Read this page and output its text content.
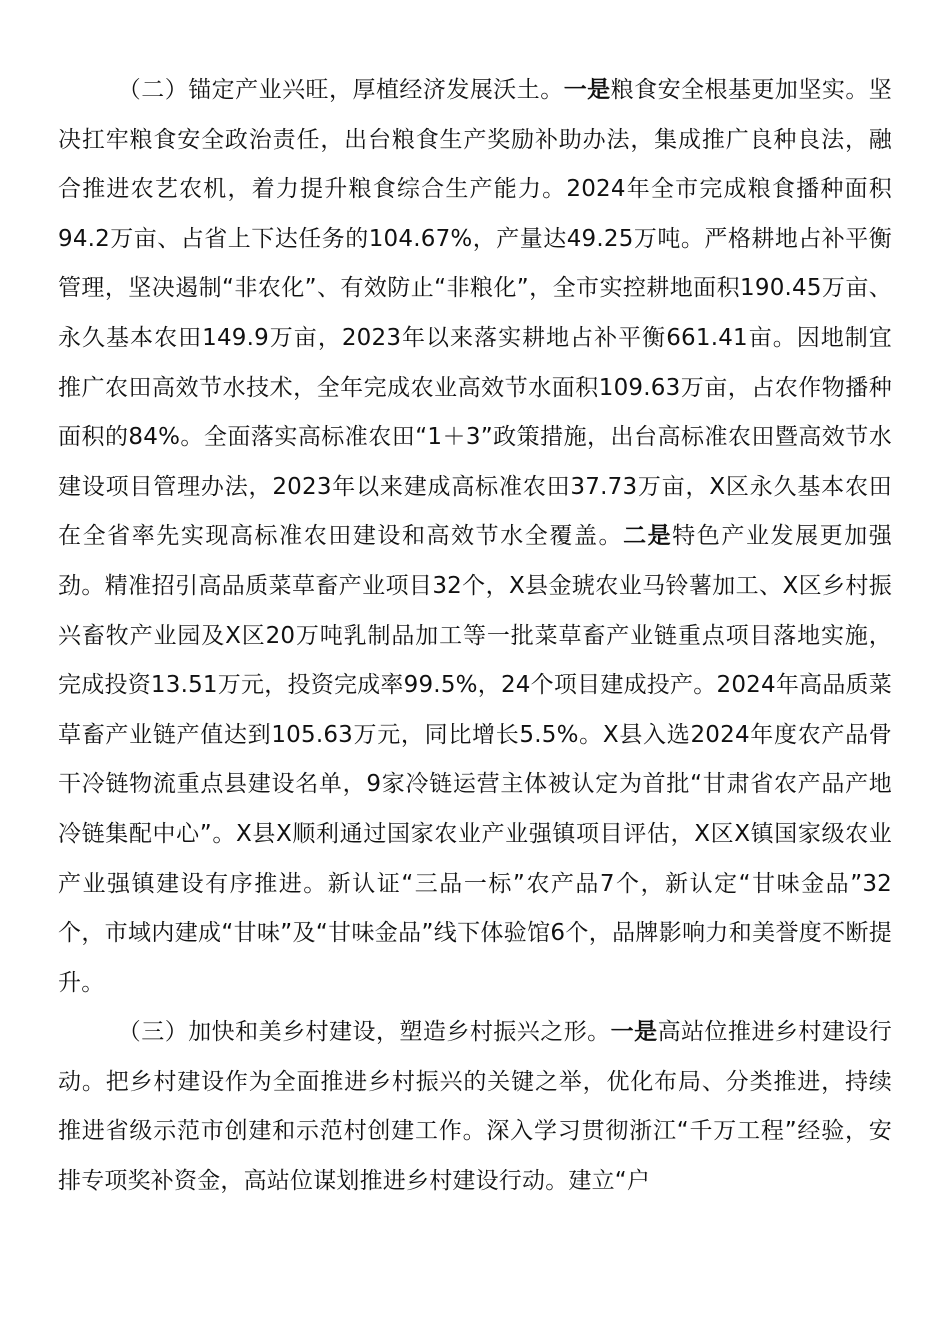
（二）锚定产业兴旺，厚植经济发展沃土。一是粮食安全根基更加坚实。坚决扛牢粮食安全政治责任，出台粮食生产奖励补助办法，集成推广良种良法，融合推进农艺农机，着力提升粮食综合生产能力。2024年全市完成粮食播种面积94.2万亩、占省上下达任务的104.67%，产量达49.25万吨。严格耕地占补平衡管理，坚决遏制“非农化”、有效防止“非粮化”，全市实控耕地面积190.45万亩、永久基本农田149.9万亩，2023年以来落实耕地占补平衡661.41亩。因地制宜推广农田高效节水技术，全年完成农业高效节水面积109.63万亩，占农作物播种面积的84%。全面落实高标准农田“1＋3”政策措施，出台高标准农田暨高效节水建设项目管理办法，2023年以来建成高标准农田37.73万亩，X区永久基本农田在全省率先实现高标准农田建设和高效节水全覆盖。二是特色产业发展更加强劲。精准招引高品质菜草畜产业项目32个，X县金琥农业马铃薯加工、X区乡村振兴畜牧产业园及X区20万吨乳制品加工等一批菜草畜产业链重点项目落地实施，完成投资13.51万元，投资完成率99.5%，24个项目建成投产。2024年高品质菜草畜产业链产值达到105.63万元，同比增长5.5%。X县入选2024年度农产品骨干冷链物流重点县建设名单，9家冷链运营主体被认定为首批“甘肃省农产品产地冷链集配中心”。X县X顺利通过国家农业产业强镇项目评估，X区X镇国家级农业产业强镇建设有序推进。新认证“三品一标”农产品7个，新认定“甘味金品”32个，市域内建成“甘味”及“甘味金品”线下体验馆6个，品牌影响力和美誉度不断提升。

（三）加快和美乡村建设，塑造乡村振兴之形。一是高站位推进乡村建设行动。把乡村建设作为全面推进乡村振兴的关键之举，优化布局、分类推进，持续推进省级示范市创建和示范村创建工作。深入学习贯彻浙江“千万工程”经验，安排专项奖补资金，高站位谋划推进乡村建设行动。建立“户
